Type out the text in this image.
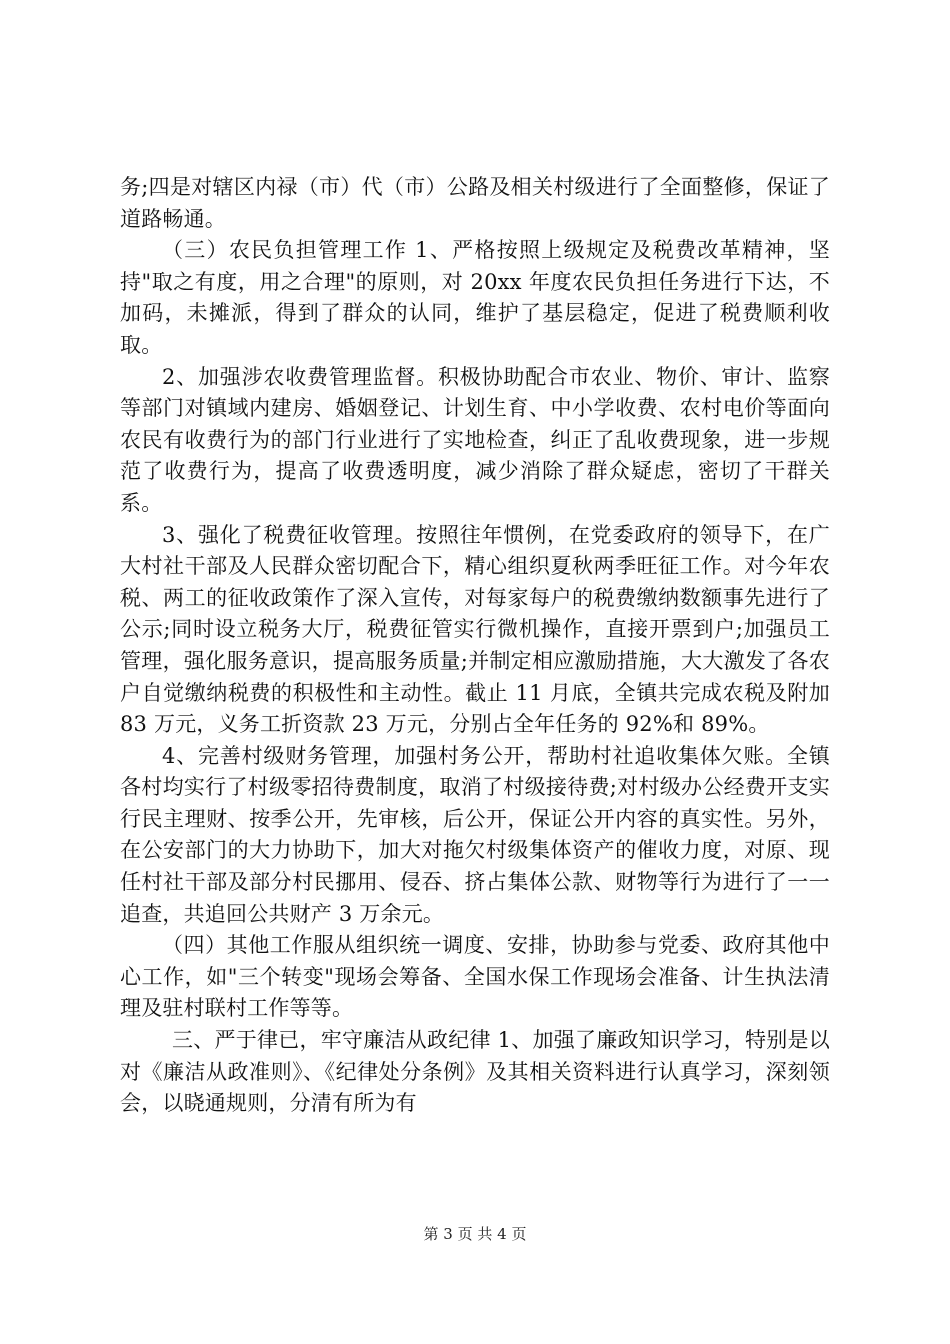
务;四是对辖区内禄（市）代（市）公路及相关村级进行了全面整修，保证了道路畅通。

（三）农民负担管理工作 1、严格按照上级规定及税费改革精神，坚持"取之有度，用之合理"的原则，对 20xx 年度农民负担任务进行下达，不加码，未摊派，得到了群众的认同，维护了基层稳定，促进了税费顺利收取。

2、加强涉农收费管理监督。积极协助配合市农业、物价、审计、监察等部门对镇域内建房、婚姻登记、计划生育、中小学收费、农村电价等面向农民有收费行为的部门行业进行了实地检查，纠正了乱收费现象，进一步规范了收费行为，提高了收费透明度，减少消除了群众疑虑，密切了干群关系。

3、强化了税费征收管理。按照往年惯例，在党委政府的领导下，在广大村社干部及人民群众密切配合下，精心组织夏秋两季旺征工作。对今年农税、两工的征收政策作了深入宣传，对每家每户的税费缴纳数额事先进行了公示;同时设立税务大厅，税费征管实行微机操作，直接开票到户;加强员工管理，强化服务意识，提高服务质量;并制定相应激励措施，大大激发了各农户自觉缴纳税费的积极性和主动性。截止 11 月底，全镇共完成农税及附加 83 万元，义务工折资款 23 万元，分别占全年任务的 92%和 89%。

4、完善村级财务管理，加强村务公开，帮助村社追收集体欠账。全镇各村均实行了村级零招待费制度，取消了村级接待费;对村级办公经费开支实行民主理财、按季公开，先审核，后公开，保证公开内容的真实性。另外，在公安部门的大力协助下，加大对拖欠村级集体资产的催收力度，对原、现任村社干部及部分村民挪用、侵吞、挤占集体公款、财物等行为进行了一一追查，共追回公共财产 3 万余元。

（四）其他工作服从组织统一调度、安排，协助参与党委、政府其他中心工作，如"三个转变"现场会筹备、全国水保工作现场会准备、计生执法清理及驻村联村工作等等。

三、严于律已，牢守廉洁从政纪律 1、加强了廉政知识学习，特别是以对《廉洁从政准则》、《纪律处分条例》及其相关资料进行认真学习，深刻领会，以晓通规则，分清有所为有

第 3 页 共 4 页
